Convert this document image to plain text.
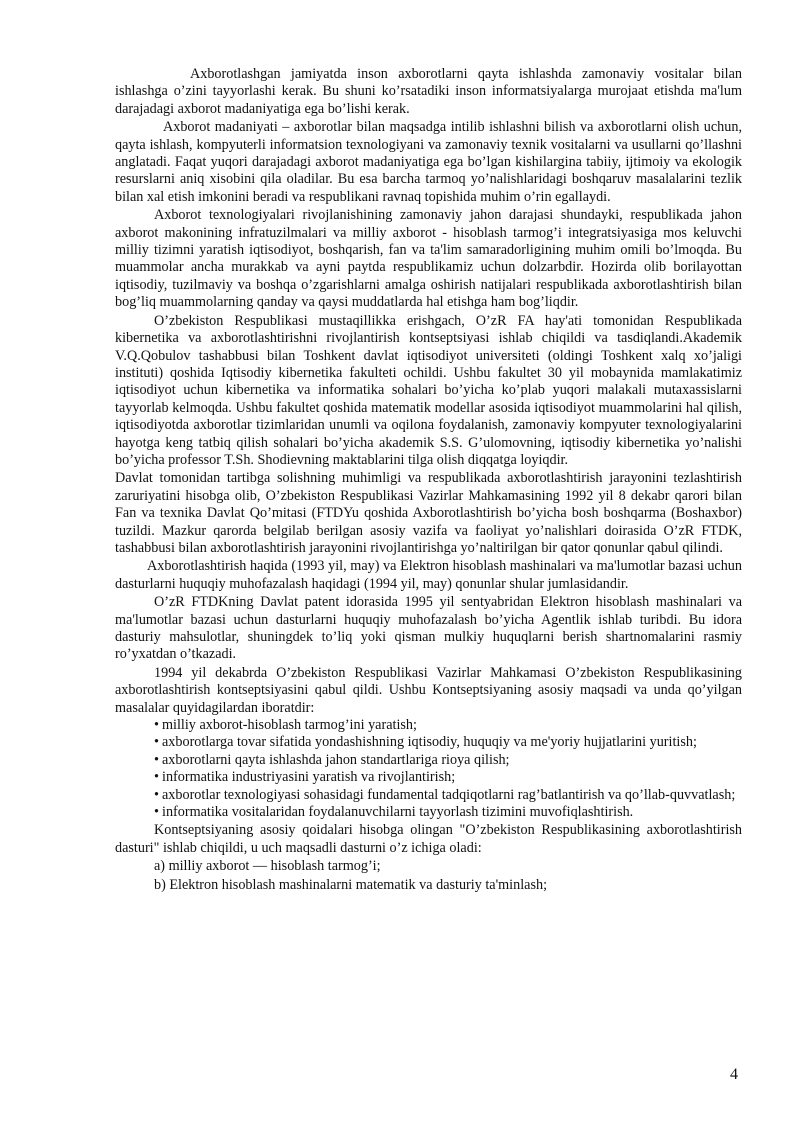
Axborotlashgan jamiyatda inson axborotlarni qayta ishlashda zamonaviy vositalar bilan ishlashga o’zini tayyorlashi kerak. Bu shuni ko’rsatadiki inson informatsiyalarga murojaat etishda ma'lum darajadagi axborot madaniyatiga ega bo’lishi kerak.

Axborot madaniyati – axborotlar bilan maqsadga intilib ishlashni bilish va axborotlarni olish uchun, qayta ishlash, kompyuterli informatsion texnologiyani va zamonaviy texnik vositalarni va usullarni qo’llashni anglatadi. Faqat yuqori darajadagi axborot madaniyatiga ega bo’lgan kishilargina tabiiy, ijtimoiy va ekologik resurslarni aniq xisobini qila oladilar. Bu esa barcha tarmoq yo’nalishlaridagi boshqaruv masalalarini tezlik bilan xal etish imkonini beradi va respublikani ravnaq topishida muhim o’rin egallaydi.

Axborot texnologiyalari rivojlanishining zamonaviy jahon darajasi shundayki, respublikada jahon axborot makonining infratuzilmalari va milliy axborot - hisoblash tarmog’i integratsiyasiga mos keluvchi milliy tizimni yaratish iqtisodiyot, boshqarish, fan va ta'lim samaradorligining muhim omili bo’lmoqda. Bu muammolar ancha murakkab va ayni paytda respublikamiz uchun dolzarbdir. Hozirda olib borilayottan iqtisodiy, tuzilmaviy va boshqa o’zgarishlarni amalga oshirish natijalari respublikada axborotlashtirish bilan bog’liq muammolarning qanday va qaysi muddatlarda hal etishga ham bog’liqdir.

O’zbekiston Respublikasi mustaqillikka erishgach, O’zR FA hay'ati tomonidan Respublikada kibernetika va axborotlashtirishni rivojlantirish kontseptsiyasi ishlab chiqildi va tasdiqlandi.Akademik V.Q.Qobulov tashabbusi bilan Toshkent davlat iqtisodiyot universiteti (oldingi Toshkent xalq xo’jaligi instituti) qoshida Iqtisodiy kibernetika fakulteti ochildi. Ushbu fakultet 30 yil mobaynida mamlakatimiz iqtisodiyot uchun kibernetika va informatika sohalari bo’yicha ko’plab yuqori malakali mutaxassislarni tayyorlab kelmoqda. Ushbu fakultet qoshida matematik modellar asosida iqtisodiyot muammolarini hal qilish, iqtisodiyotda axborotlar tizimlaridan unumli va oqilona foydalanish, zamonaviy kompyuter texnologiyalarini hayotga keng tatbiq qilish sohalari bo’yicha akademik S.S. G’ulomovning, iqtisodiy kibernetika yo’nalishi bo’yicha professor T.Sh. Shodievning maktablarini tilga olish diqqatga loyiqdir.

Davlat tomonidan tartibga solishning muhimligi va respublikada axborotlashtirish jarayonini tezlashtirish zaruriyatini hisobga olib, O’zbekiston Respublikasi Vazirlar Mahkamasining 1992 yil 8 dekabr qarori bilan Fan va texnika Davlat Qo’mitasi (FTDYu qoshida Axborotlashtirish bo’yicha bosh boshqarma (Boshaxbor) tuzildi. Mazkur qarorda belgilab berilgan asosiy vazifa va faoliyat yo’nalishlari doirasida O’zR FTDK, tashabbusi bilan axborotlashtirish jarayonini rivojlantirishga yo’naltirilgan bir qator qonunlar qabul qilindi.

Axborotlashtirish haqida (1993 yil, may) va Elektron hisoblash mashinalari va ma'lumotlar bazasi uchun dasturlarni huquqiy muhofazalash haqidagi (1994 yil, may) qonunlar shular jumlasidandir.

O’zR FTDKning Davlat patent idorasida 1995 yil sentyabridan Elektron hisoblash mashinalari va ma'lumotlar bazasi uchun dasturlarni huquqiy muhofazalash bo’yicha Agentlik ishlab turibdi. Bu idora dasturiy mahsulotlar, shuningdek to’liq yoki qisman mulkiy huquqlarni berish shartnomalarini rasmiy ro’yxatdan o’tkazadi.

1994 yil dekabrda O’zbekiston Respublikasi Vazirlar Mahkamasi O’zbekiston Respublikasining axborotlashtirish kontseptsiyasini qabul qildi. Ushbu Kontseptsiyaning asosiy maqsadi va unda qo’yilgan masalalar quyidagilardan iboratdir:

• milliy axborot-hisoblash tarmog’ini yaratish;

• axborotlarga tovar sifatida yondashishning iqtisodiy, huquqiy va me'yoriy hujjatlarini yuritish;

• axborotlarni qayta ishlashda jahon standartlariga rioya qilish;

• informatika industriyasini yaratish va rivojlantirish;

• axborotlar texnologiyasi sohasidagi fundamental tadqiqotlarni rag’batlantirish va qo’llab-quvvatlash;

• informatika vositalaridan foydalanuvchilarni tayyorlash tizimini muvofiqlashtirish.

Kontseptsiyaning asosiy qoidalari hisobga olingan "O’zbekiston Respublikasining axborotlashtirish dasturi" ishlab chiqildi, u uch maqsadli dasturni o’z ichiga oladi:

a) milliy axborot — hisoblash tarmog’i;

b) Elektron hisoblash mashinalarni matematik va dasturiy ta'minlash;

4
